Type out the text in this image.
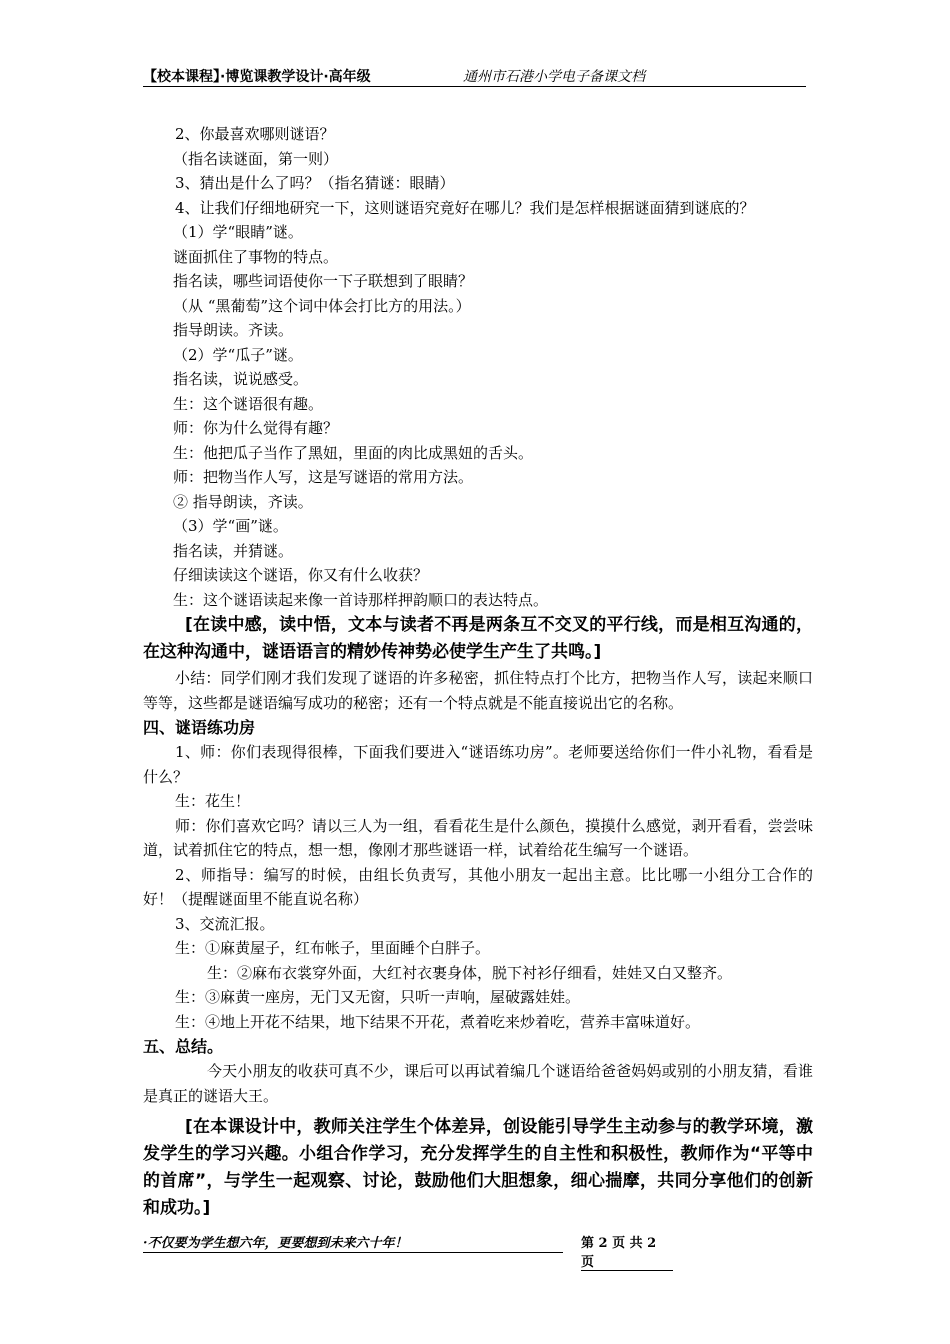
【校本课程】·博览课教学设计·高年级	通州市石港小学电子备课文档
2、你最喜欢哪则谜语？
（指名读谜面，第一则）
3、猜出是什么了吗？（指名猜谜：眼睛）
4、让我们仔细地研究一下，这则谜语究竟好在哪儿？我们是怎样根据谜面猜到谜底的？
（1）学“眼睛”谜。
谜面抓住了事物的特点。
指名读，哪些词语使你一下子联想到了眼睛？
（从 “黑葡萄”这个词中体会打比方的用法。）
指导朗读。齐读。
（2）学“瓜子”谜。
指名读，说说感受。
生：这个谜语很有趣。
师：你为什么觉得有趣？
生：他把瓜子当作了黑妞，里面的肉比成黑妞的舌头。
师：把物当作人写，这是写谜语的常用方法。
② 指导朗读，齐读。
（3）学“画”谜。
指名读，并猜谜。
仔细读读这个谜语，你又有什么收获？
生：这个谜语读起来像一首诗那样押韵顺口的表达特点。
[在读中感，读中悟，文本与读者不再是两条互不交叉的平行线，而是相互沟通的，在这种沟通中，谜语语言的精妙传神势必使学生产生了共鸣。]
小结：同学们刚才我们发现了谜语的许多秘密，抓住特点打个比方，把物当作人写，读起来顺口等等，这些都是谜语编写成功的秘密；还有一个特点就是不能直接说出它的名称。
四、谜语练功房
1、师：你们表现得很棒，下面我们要进入“谜语练功房”。老师要送给你们一件小礼物，看看是什么？
生：花生！
师：你们喜欢它吗？请以三人为一组，看看花生是什么颜色，摸摸什么感觉，剥开看看，尝尝味道，试着抓住它的特点，想一想，像刚才那些谜语一样，试着给花生编写一个谜语。
2、师指导：编写的时候，由组长负责写，其他小朋友一起出主意。比比哪一小组分工合作的好！（提醒谜面里不能直说名称）
3、交流汇报。
生：①麻黄屋子，红布帐子，里面睡个白胖子。
生：②麻布衣裳穿外面，大红衬衣裹身体，脱下衬衫仔细看，娃娃又白又整齐。
生：③麻黄一座房，无门又无窗，只听一声响，屋破露娃娃。
生：④地上开花不结果，地下结果不开花，煮着吃来炒着吃，营养丰富味道好。
五、总结。
今天小朋友的收获可真不少，课后可以再试着编几个谜语给爸爸妈妈或别的小朋友猜，看谁是真正的谜语大王。
[在本课设计中，教师关注学生个体差异，创设能引导学生主动参与的教学环境，激发学生的学习兴趣。小组合作学习，充分发挥学生的自主性和积极性，教师作为“平等中的首席”，与学生一起观察、讨论，鼓励他们大胆想象，细心揣摩，共同分享他们的创新和成功。]
·不仅要为学生想六年，更要想到未来六十年！	第 2 页 共 2 页
